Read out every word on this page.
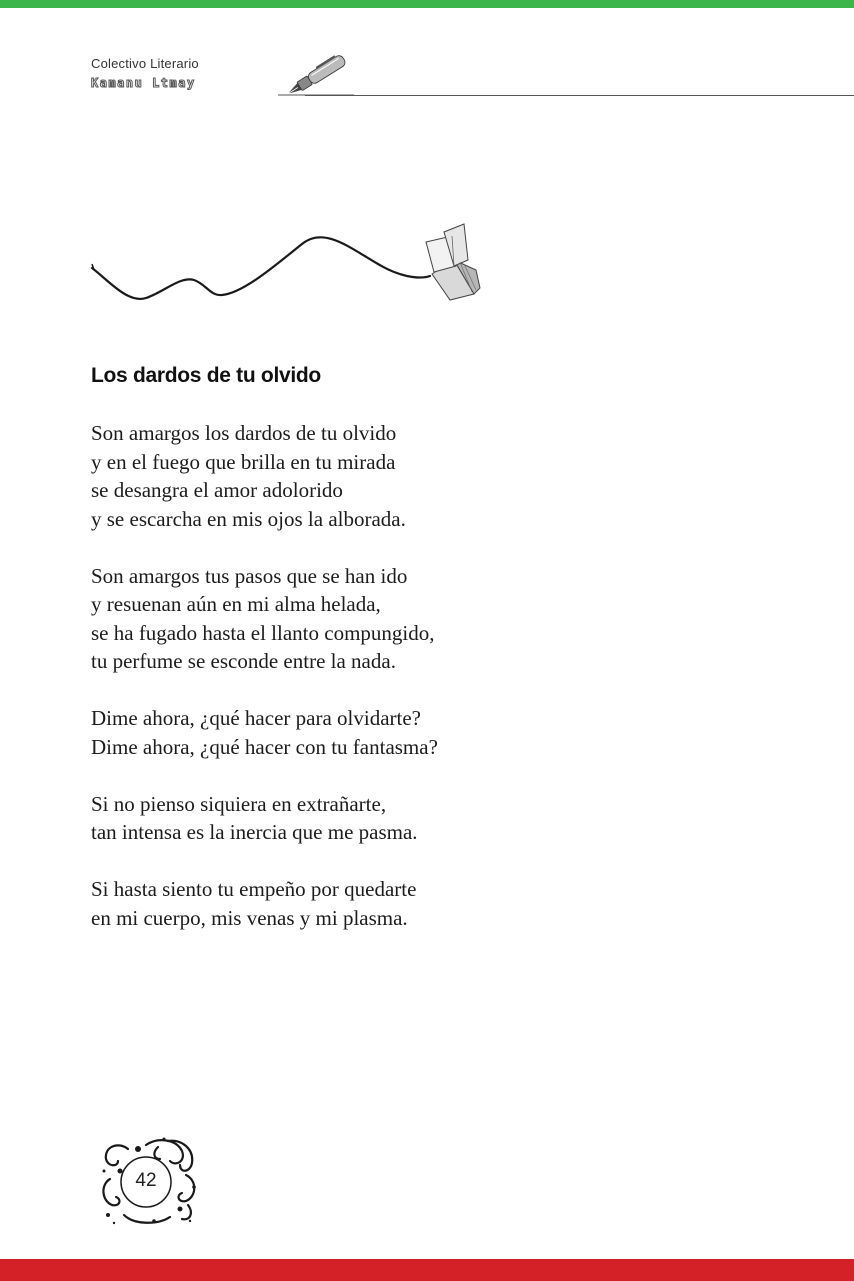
Colectivo Literario
Kamanu Ltmay
Los dardos de tu olvido

Son amargos los dardos de tu olvido
y en el fuego que brilla en tu mirada
se desangra el amor adolorido
y se escarcha en mis ojos la alborada.

Son amargos tus pasos que se han ido
y resuenan aún en mi alma helada,
se ha fugado hasta el llanto compungido,
tu perfume se esconde entre la nada.

Dime ahora, ¿qué hacer para olvidarte?
Dime ahora, ¿qué hacer con tu fantasma?

Si no pienso siquiera en extrañarte,
tan intensa es la inercia que me pasma.

Si hasta siento tu empeño por quedarte
en mi cuerpo, mis venas y mi plasma.

42
